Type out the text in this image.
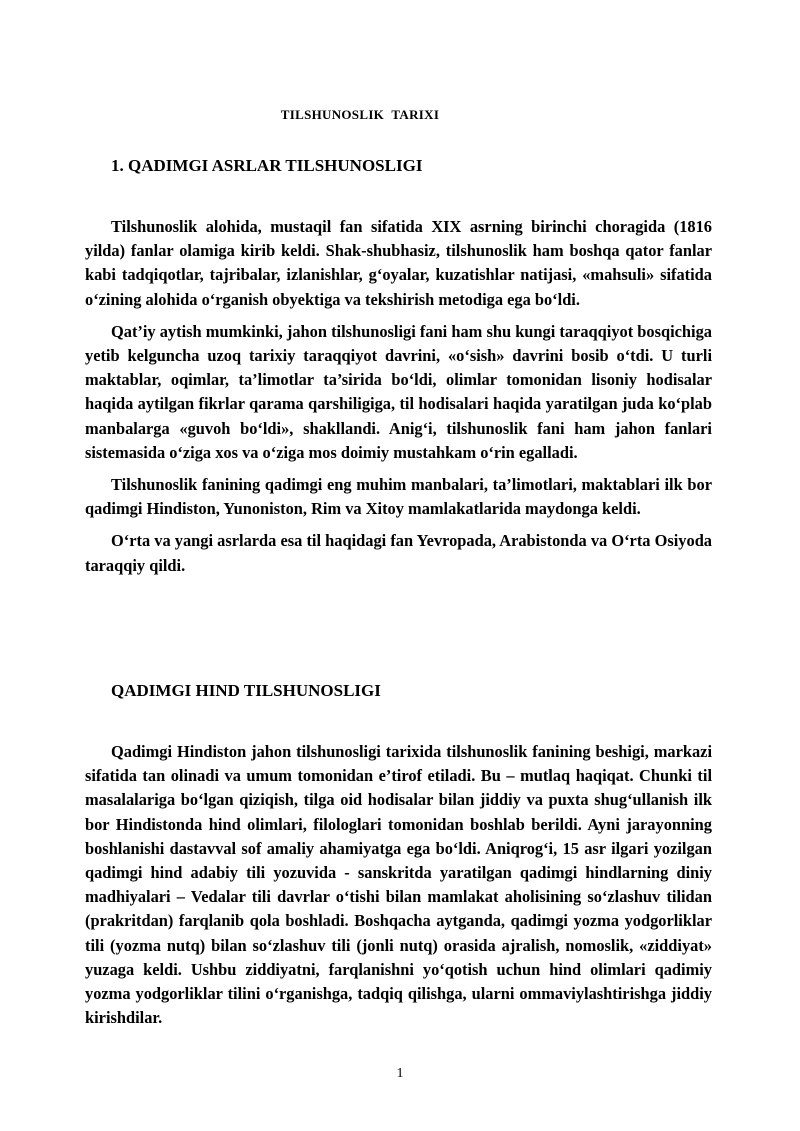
TILSHUNOSLIK TARIXI
1. QADIMGI ASRLAR TILSHUNOSLIGI

Tilshunoslik alohida, mustaqil fan sifatida XIX asrning birinchi choragida (1816 yilda) fanlar olamiga kirib keldi. Shak-shubhasiz, tilshunoslik ham boshqa qator fanlar kabi tadqiqotlar, tajribalar, izlanishlar, g‘oyalar, kuzatishlar natijasi, «mahsuli» sifatida o‘zining alohida o‘rganish obyektiga va tekshirish metodiga ega bo‘ldi.

Qat’iy aytish mumkinki, jahon tilshunosligi fani ham shu kungi taraqqiyot bosqichiga yetib kelguncha uzoq tarixiy taraqqiyot davrini, «o‘sish» davrini bosib o‘tdi. U turli maktablar, oqimlar, ta’limotlar ta’sirida bo‘ldi, olimlar tomonidan lisoniy hodisalar haqida aytilgan fikrlar qarama qarshiligiga, til hodisalari haqida yaratilgan juda ko‘plab manbalarga «guvoh bo‘ldi», shakllandi. Anig‘i, tilshunoslik fani ham jahon fanlari sistemasida o‘ziga xos va o‘ziga mos doimiy mustahkam o‘rin egalladi.

Tilshunoslik fanining qadimgi eng muhim manbalari, ta’limotlari, maktablari ilk bor qadimgi Hindiston, Yunoniston, Rim va Xitoy mamlakatlarida maydonga keldi.

O‘rta va yangi asrlarda esa til haqidagi fan Yevropada, Arabistonda va O‘rta Osiyoda taraqqiy qildi.

QADIMGI HIND TILSHUNOSLIGI

Qadimgi Hindiston jahon tilshunosligi tarixida tilshunoslik fanining beshigi, markazi sifatida tan olinadi va umum tomonidan e’tirof etiladi. Bu – mutlaq haqiqat. Chunki til masalalariga bo‘lgan qiziqish, tilga oid hodisalar bilan jiddiy va puxta shug‘ullanish ilk bor Hindistonda hind olimlari, filologlari tomonidan boshlab berildi. Ayni jarayonning boshlanishi dastavval sof amaliy ahamiyatga ega bo‘ldi. Aniqrog‘i, 15 asr ilgari yozilgan qadimgi hind adabiy tili yozuvida - sanskritda yaratilgan qadimgi hindlarning diniy madhiyalari – Vedalar tili davrlar o‘tishi bilan mamlakat aholisining so‘zlashuv tilidan (prakritdan) farqlanib qola boshladi. Boshqacha aytganda, qadimgi yozma yodgorliklar tili (yozma nutq) bilan so‘zlashuv tili (jonli nutq) orasida ajralish, nomoslik, «ziddiyat» yuzaga keldi. Ushbu ziddiyatni, farqlanishni yo‘qotish uchun hind olimlari qadimiy yozma yodgorliklar tilini o‘rganishga, tadqiq qilishga, ularni ommaviylashtirishga jiddiy kirishdilar.

1
